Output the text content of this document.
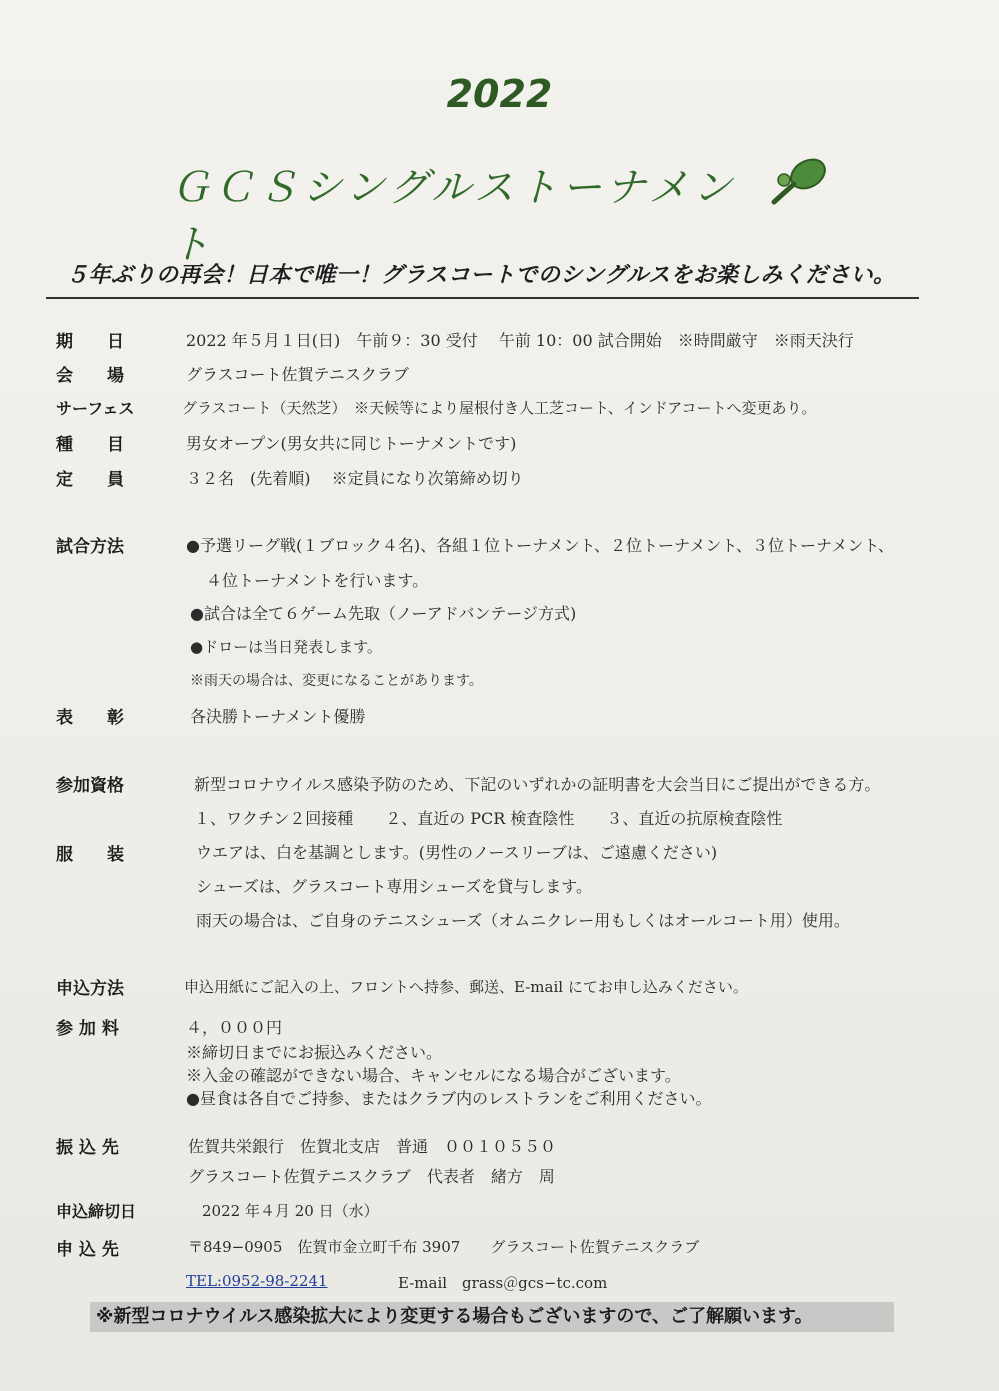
2022
ＧＣＳシングルストーナメント
５年ぶりの再会！日本で唯一！グラスコートでのシングルスをお楽しみください。
期　　日	2022 年５月１日(日)　午前９：30 受付　 午前 10：00 試合開始　※時間厳守　※雨天決行
会　　場	グラスコート佐賀テニスクラブ
サーフェス	グラスコート（天然芝）　※天候等により屋根付き人工芝コート、インドアコートへ変更あり。
種　　目	男女オープン(男女共に同じトーナメントです)
定　　員	３２名　(先着順)　 ※定員になり次第締め切り
試合方法	●予選リーグ戦(１ブロック４名)、各組１位トーナメント、２位トーナメント、３位トーナメント、
４位トーナメントを行います。
●試合は全て６ゲーム先取（ノーアドバンテージ方式)
●ドローは当日発表します。
※雨天の場合は、変更になることがあります。
表　　彰	各決勝トーナメント優勝
参加資格	新型コロナウイルス感染予防のため、下記のいずれかの証明書を大会当日にご提出ができる方。
１、ワクチン２回接種　　２、直近の PCR 検査陰性　　３、直近の抗原検査陰性
服　　装	ウエアは、白を基調とします。(男性のノースリーブは、ご遠慮ください)
シューズは、グラスコート専用シューズを貸与します。
雨天の場合は、ご自身のテニスシューズ（オムニクレー用もしくはオールコート用）使用。
申込方法	申込用紙にご記入の上、フロントへ持参、郵送、E-mail にてお申し込みください。
参 加 料	４，０００円
※締切日までにお振込みください。
※入金の確認ができない場合、キャンセルになる場合がございます。
●昼食は各自でご持参、またはクラブ内のレストランをご利用ください。
振 込 先	佐賀共栄銀行　佐賀北支店　普通　００１０５５０
グラスコート佐賀テニスクラブ　代表者　緒方　周
申込締切日	2022 年４月 20 日（水）
申 込 先	〒849−0905　佐賀市金立町千布 3907　　グラスコート佐賀テニスクラブ
TEL:0952-98-2241	E-mail　grass＠gcs−tc.com
※新型コロナウイルス感染拡大により変更する場合もございますので、ご了解願います。
